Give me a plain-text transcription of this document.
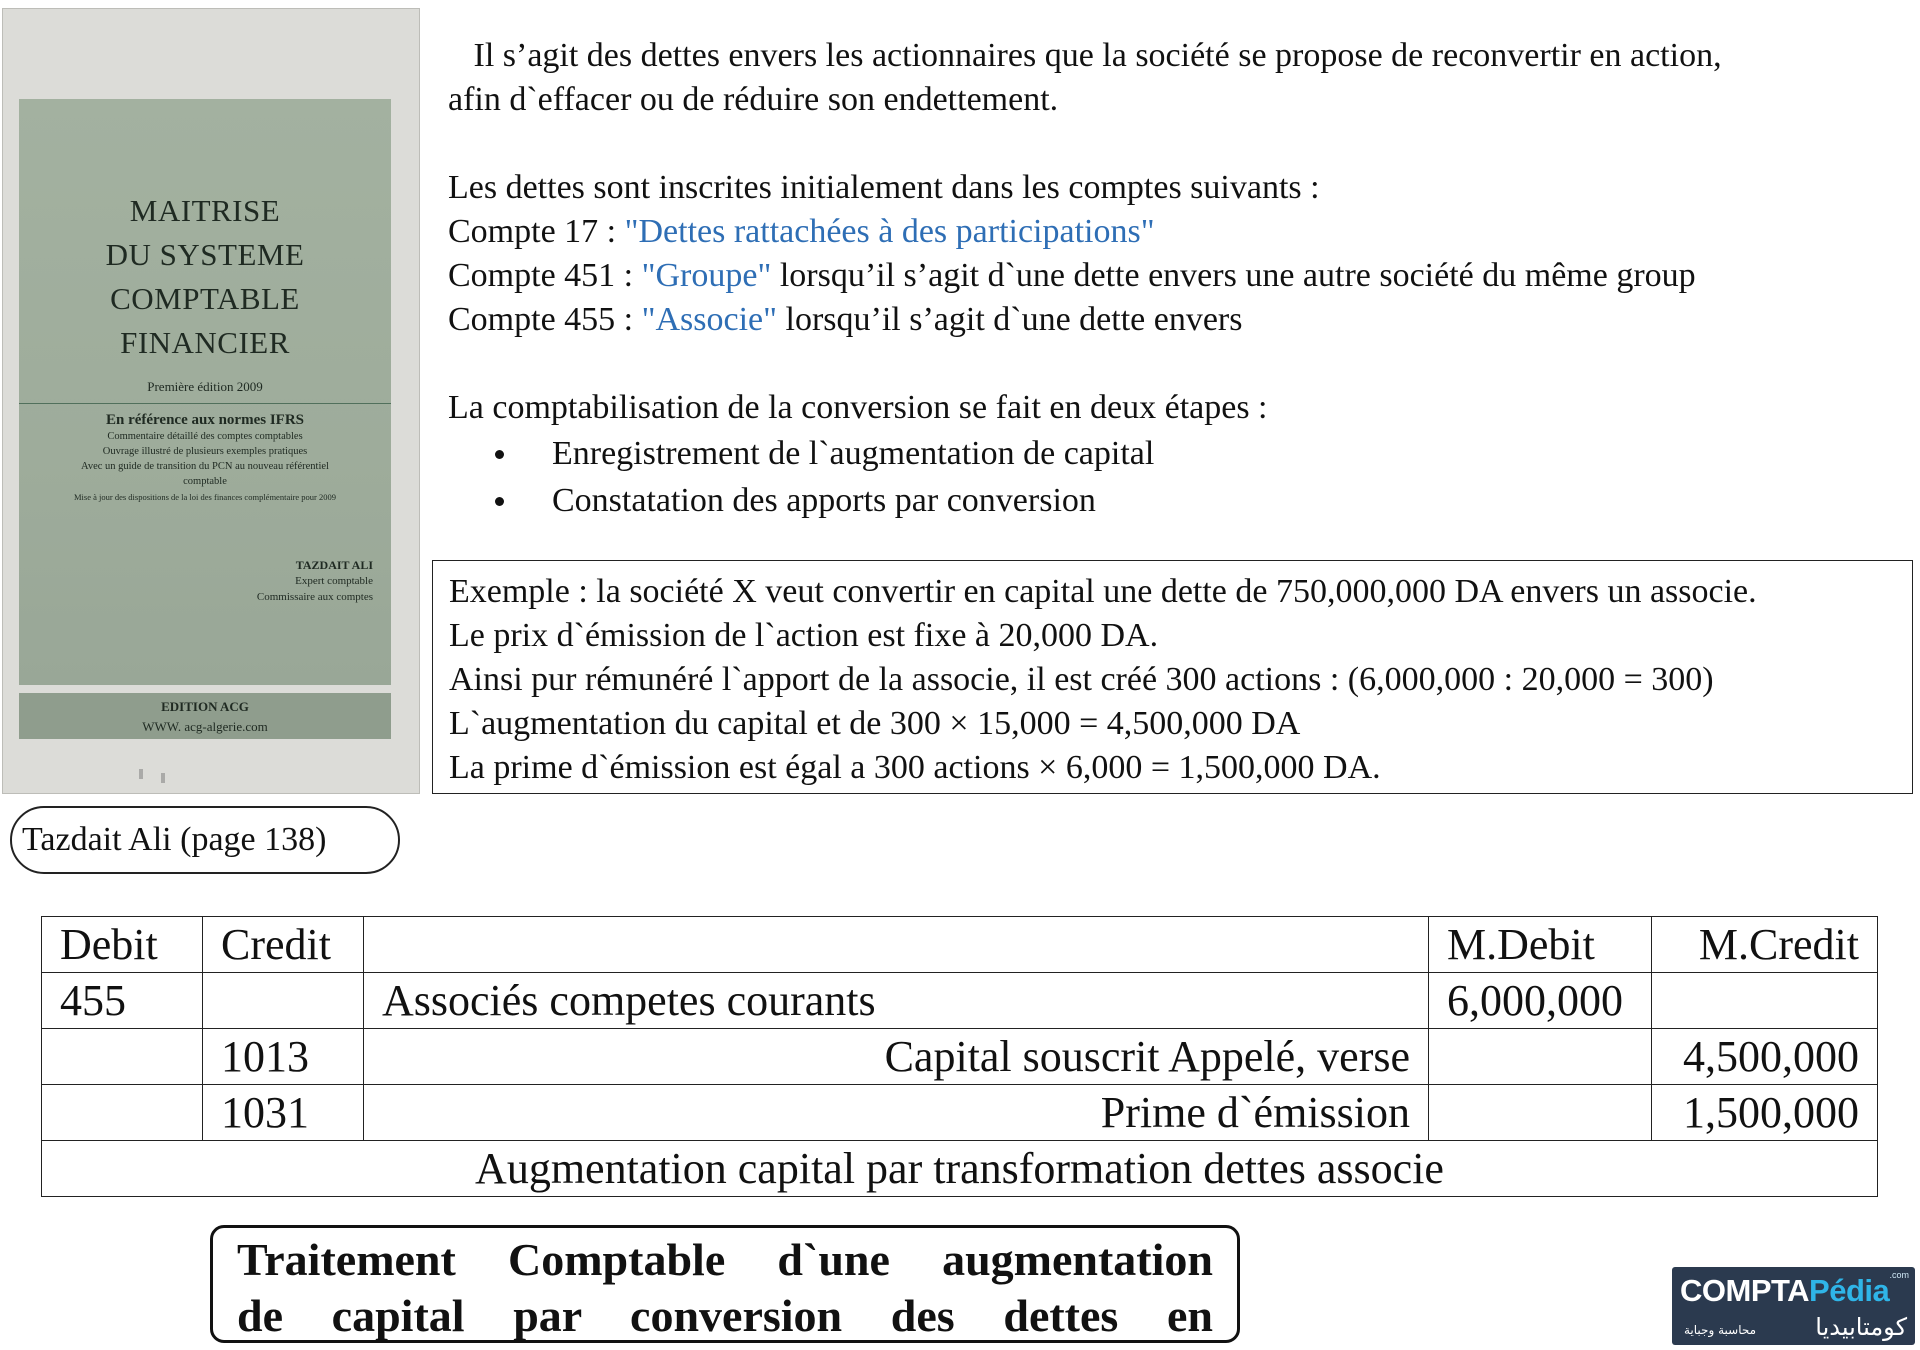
MAITRISE
DU SYSTEME
COMPTABLE
FINANCIER
Première édition 2009
En référence aux normes IFRS
Commentaire détaillé des comptes comptables
Ouvrage illustré de plusieurs exemples pratiques
Avec un guide de transition du PCN au nouveau référentiel
comptable
Mise à jour des dispositions de la loi des finances complémentaire pour 2009
TAZDAIT ALI
Expert comptable
Commissaire aux comptes
EDITION ACG
WWW. acg-algerie.com
Tazdait Ali (page 138)

Il s’agit des dettes envers les actionnaires que la société se propose de reconvertir en action,

afin d`effacer ou de réduire son endettement.

Les dettes sont inscrites initialement dans les comptes suivants :

Compte 17 : "Dettes rattachées à des participations"

Compte 451 : "Groupe" lorsqu’il s’agit d`une dette envers une autre société du même group

Compte 455 : "Associe" lorsqu’il s’agit d`une dette envers

La comptabilisation de la conversion se fait en deux étapes :

Enregistrement de l`augmentation de capital
Constatation des apports par conversion

Exemple : la société X veut convertir en capital une dette de 750,000,000 DA envers un associe.

Le prix d`émission de l`action est fixe à 20,000 DA.

Ainsi pur rémunéré l`apport de la associe, il est créé 300 actions : (6,000,000 : 20,000 = 300)

L`augmentation du capital et de 300 × 15,000 = 4,500,000 DA

La prime d`émission est égal a 300 actions × 6,000 = 1,500,000 DA.

Debit	Credit		M.Debit	M.Credit
455		Associés competes courants	6,000,000	
	1013	Capital souscrit Appelé, verse		4,500,000
	1031	Prime d`émission		1,500,000
Augmentation capital par transformation dettes associe				
Traitement Comptable d`une augmentation
de capital par conversion des dettes en	COMPTAPédia .com
كومتابيديا
محاسبة وجباية
